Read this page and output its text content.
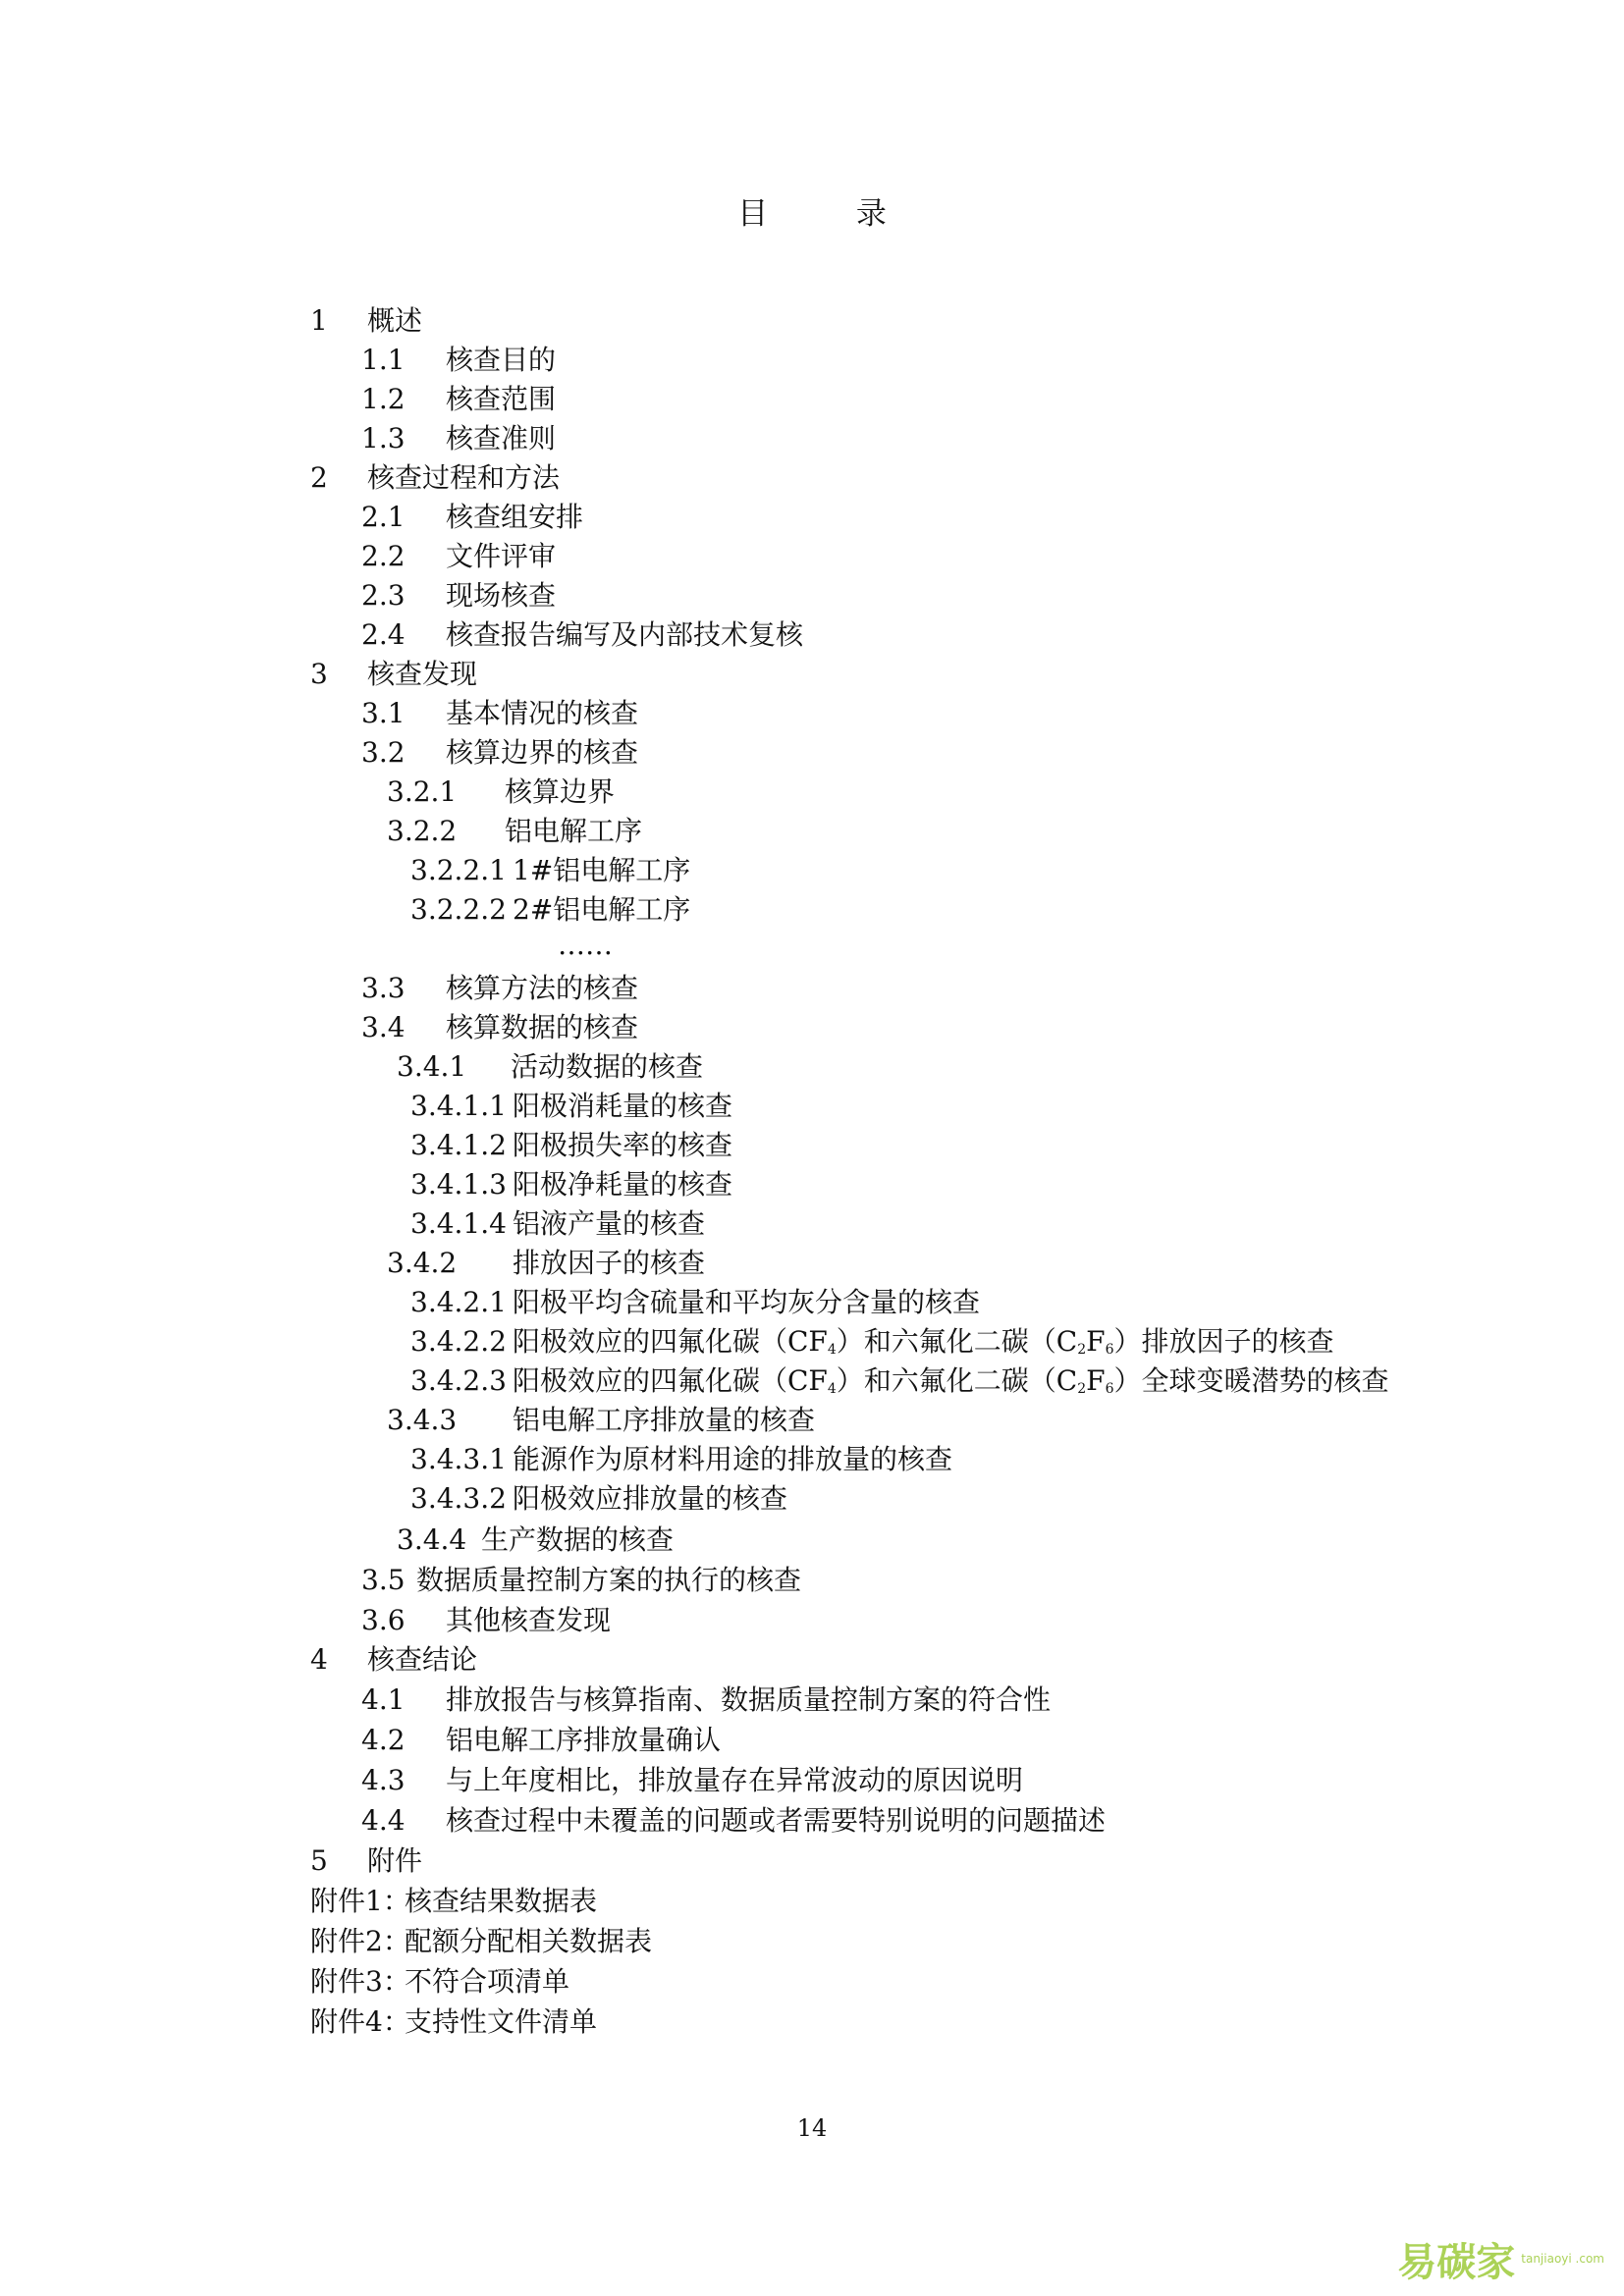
目 录
1 概述
1.1 核查目的
1.2 核查范围
1.3 核查准则
2 核查过程和方法
2.1 核查组安排
2.2 文件评审
2.3 现场核查
2.4 核查报告编写及内部技术复核
3 核查发现
3.1 基本情况的核查
3.2 核算边界的核查
3.2.1 核算边界
3.2.2 铝电解工序
3.2.2.1 1#铝电解工序
3.2.2.2 2#铝电解工序
……
3.3 核算方法的核查
3.4 核算数据的核查
3.4.1 活动数据的核查
3.4.1.1 阳极消耗量的核查
3.4.1.2 阳极损失率的核查
3.4.1.3 阳极净耗量的核查
3.4.1.4 铝液产量的核查
3.4.2 排放因子的核查
3.4.2.1 阳极平均含硫量和平均灰分含量的核查
3.4.2.2 阳极效应的四氟化碳$(CF_4)$和六氟化二碳$(C_2F_6)$排放因子的核查
3.4.2.3 阳极效应的四氟化碳$(CF_4)$和六氟化二碳$(C_2F_6)$全球变暖潜势的核查
3.4.3 铝电解工序排放量的核查
3.4.3.1 能源作为原材料用途的排放量的核查
3.4.3.2 阳极效应排放量的核查
3.4.4 生产数据的核查
3.5 数据质量控制方案的执行的核查
3.6 其他核查发现
4 核查结论
4.1 排放报告与核算指南、数据质量控制方案的符合性
4.2 铝电解工序排放量确认
4.3 与上年度相比，排放量存在异常波动的原因说明
4.4 核查过程中未覆盖的问题或者需要特别说明的问题描述
5 附件
附件1：
核查结果数据表
附件2：
配额分配相关数据表
附件3：
不符合项清单
附件4：
支持性文件清单
14
易碳家 tanjiaoyi .com
